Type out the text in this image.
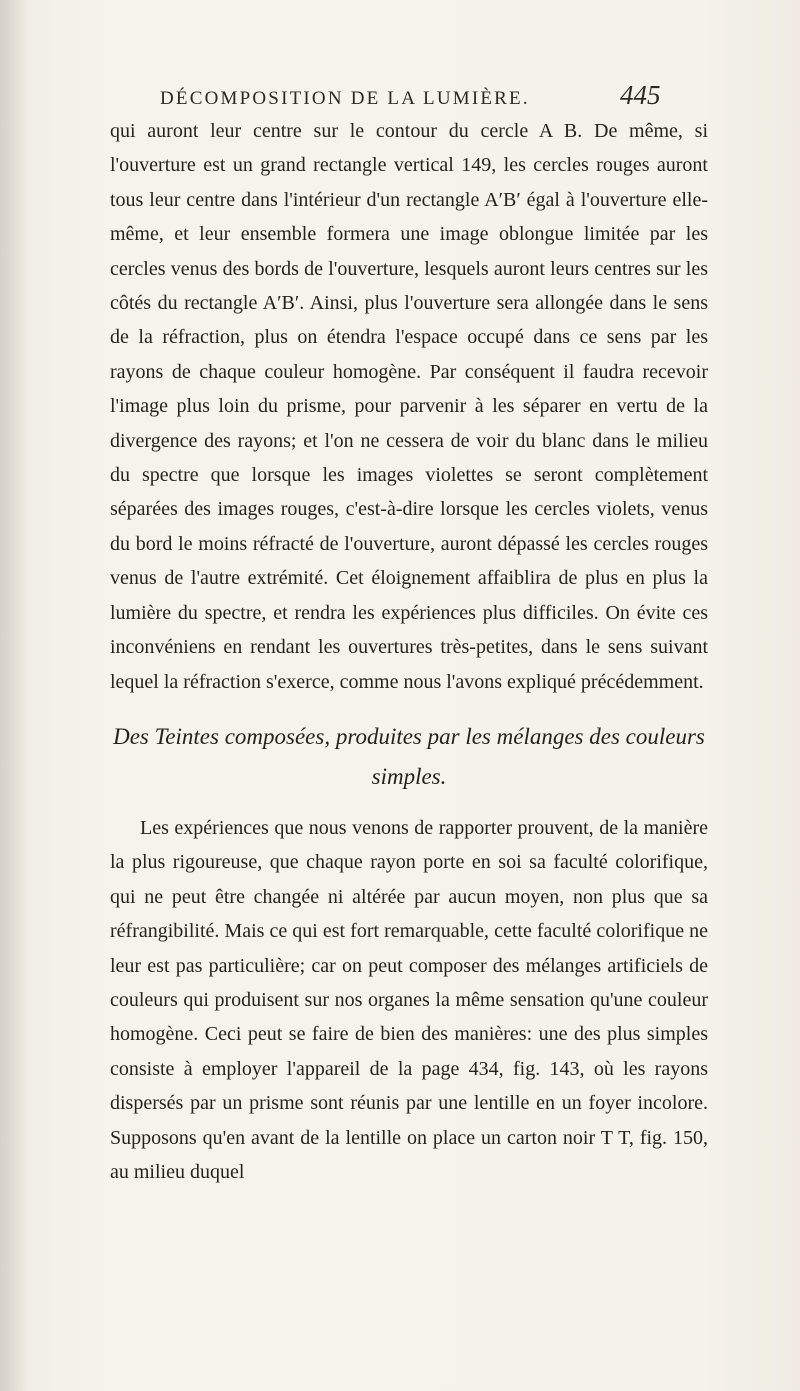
DÉCOMPOSITION DE LA LUMIÈRE.	445

qui auront leur centre sur le contour du cercle A B. De même, si l'ouverture est un grand rectangle vertical 149, les cercles rouges auront tous leur centre dans l'intérieur d'un rectangle A′B′ égal à l'ouverture elle-même, et leur ensemble formera une image oblongue limitée par les cercles venus des bords de l'ouverture, lesquels auront leurs centres sur les côtés du rectangle A′B′. Ainsi, plus l'ouverture sera allongée dans le sens de la réfraction, plus on étendra l'espace occupé dans ce sens par les rayons de chaque couleur homogène. Par conséquent il faudra recevoir l'image plus loin du prisme, pour parvenir à les séparer en vertu de la divergence des rayons; et l'on ne cessera de voir du blanc dans le milieu du spectre que lorsque les images violettes se seront complètement séparées des images rouges, c'est-à-dire lorsque les cercles violets, venus du bord le moins réfracté de l'ouverture, auront dépassé les cercles rouges venus de l'autre extrémité. Cet éloignement affaiblira de plus en plus la lumière du spectre, et rendra les expériences plus difficiles. On évite ces inconvéniens en rendant les ouvertures très-petites, dans le sens suivant lequel la réfraction s'exerce, comme nous l'avons expliqué précédemment.

Des Teintes composées, produites par les mélanges des couleurs simples.

Les expériences que nous venons de rapporter prouvent, de la manière la plus rigoureuse, que chaque rayon porte en soi sa faculté colorifique, qui ne peut être changée ni altérée par aucun moyen, non plus que sa réfrangibilité. Mais ce qui est fort remarquable, cette faculté colorifique ne leur est pas particulière; car on peut composer des mélanges artificiels de couleurs qui produisent sur nos organes la même sensation qu'une couleur homogène. Ceci peut se faire de bien des manières: une des plus simples consiste à employer l'appareil de la page 434, fig. 143, où les rayons dispersés par un prisme sont réunis par une lentille en un foyer incolore. Supposons qu'en avant de la lentille on place un carton noir T T, fig. 150, au milieu duquel
